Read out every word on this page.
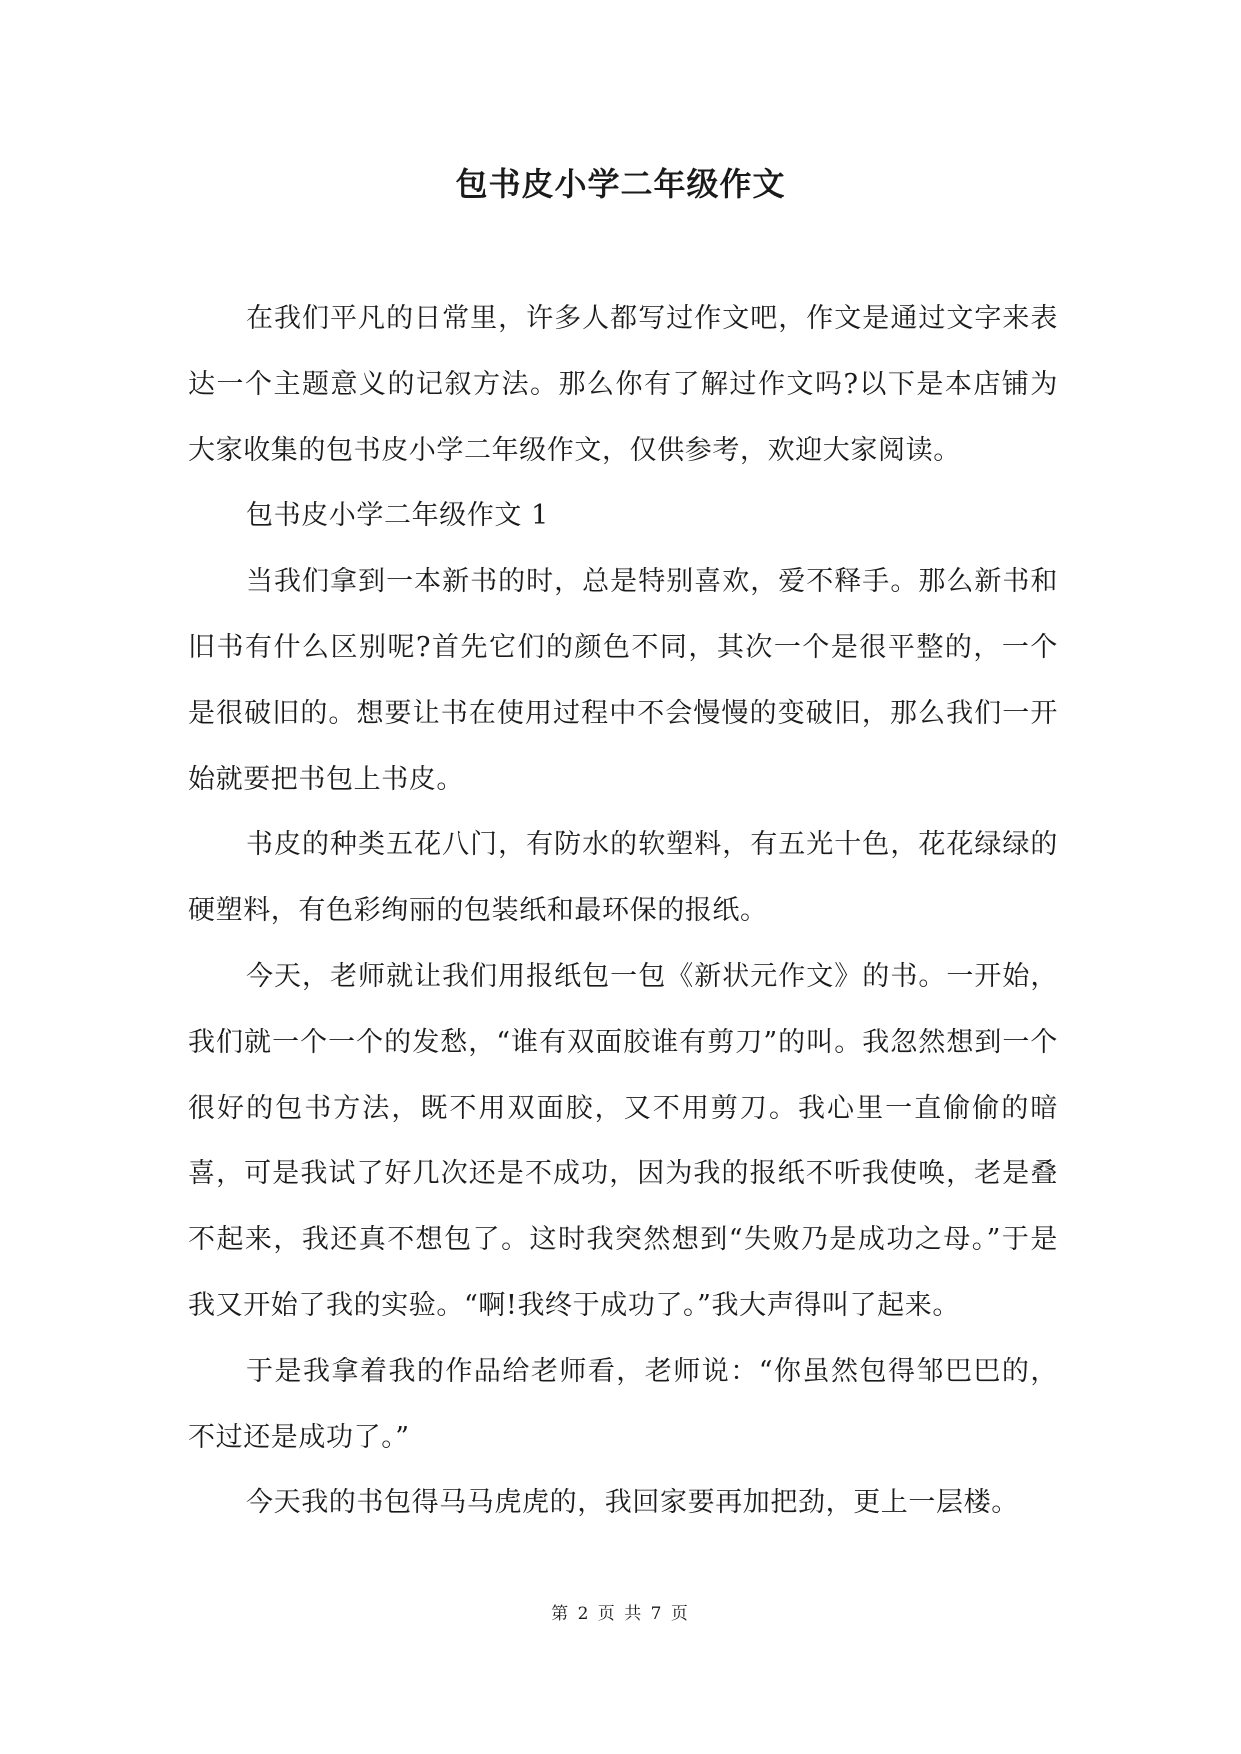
包书皮小学二年级作文

在我们平凡的日常里，许多人都写过作文吧，作文是通过文字来表达一个主题意义的记叙方法。那么你有了解过作文吗?以下是本店铺为大家收集的包书皮小学二年级作文，仅供参考，欢迎大家阅读。

包书皮小学二年级作文 1

当我们拿到一本新书的时，总是特别喜欢，爱不释手。那么新书和旧书有什么区别呢?首先它们的颜色不同，其次一个是很平整的，一个是很破旧的。想要让书在使用过程中不会慢慢的变破旧，那么我们一开始就要把书包上书皮。

书皮的种类五花八门，有防水的软塑料，有五光十色，花花绿绿的硬塑料，有色彩绚丽的包装纸和最环保的报纸。

今天，老师就让我们用报纸包一包《新状元作文》的书。一开始，我们就一个一个的发愁，“谁有双面胶谁有剪刀”的叫。我忽然想到一个很好的包书方法，既不用双面胶，又不用剪刀。我心里一直偷偷的暗喜，可是我试了好几次还是不成功，因为我的报纸不听我使唤，老是叠不起来，我还真不想包了。这时我突然想到“失败乃是成功之母。”于是我又开始了我的实验。“啊!我终于成功了。”我大声得叫了起来。

于是我拿着我的作品给老师看，老师说：“你虽然包得邹巴巴的，不过还是成功了。”

今天我的书包得马马虎虎的，我回家要再加把劲，更上一层楼。

第 2 页 共 7 页
